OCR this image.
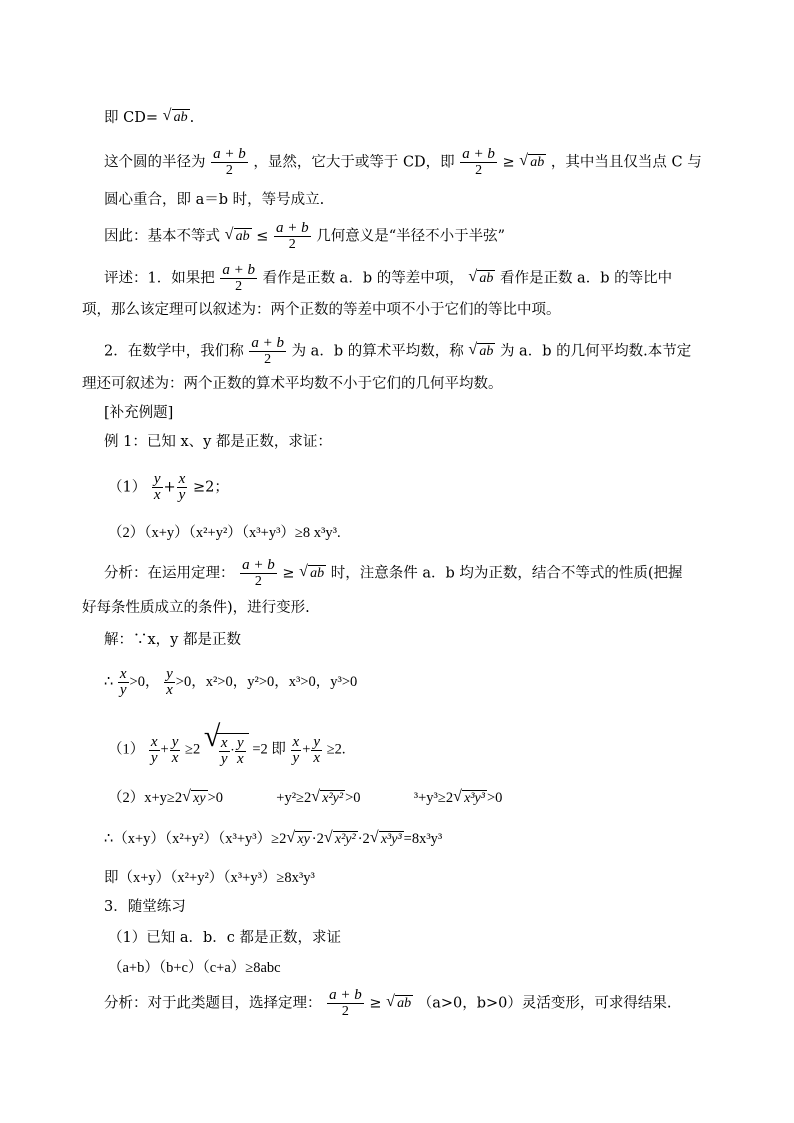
即 CD= √ ab .
这个圆的半径为 $\frac{a + b}{2}$ ，显然，它大于或等于 CD，即 $\frac{a + b}{2}$ ≥ √ ab ，其中当且仅当点 C 与
圆心重合，即 a＝b 时，等号成立.
因此：基本不等式 √ ab ≤ $\frac{a + b}{2}$ 几何意义是“半径不小于半弦”
评述：1．如果把 $\frac{a + b}{2}$ 看作是正数 a．b 的等差中项， √ ab 看作是正数 a．b 的等比中
项，那么该定理可以叙述为：两个正数的等差中项不小于它们的等比中项。
2．在数学中，我们称 $\frac{a + b}{2}$ 为 a．b 的算术平均数，称 √ ab 为 a．b 的几何平均数.本节定
理还可叙述为：两个正数的算术平均数不小于它们的几何平均数。
[补充例题]
例 1：已知 x、y 都是正数，求证：
$(1) \frac{y}{x} + \frac{x}{y} \ge 2$；
（2）（x+y）（x²+y²）（x³+y³）≥8 x³y³.
分析：在运用定理： $\frac{a + b}{2}$ ≥ √ ab 时，注意条件 a．b 均为正数，结合不等式的性质(把握
好每条性质成立的条件)，进行变形.
解：∵x，y 都是正数
∴ $\frac{x}{y} >0$， $\frac{y}{x} >0$，x²>0，y²>0，x³>0，y³>0
$(1) \frac{x}{y} + \frac{y}{x} \ge 2$ √
$\frac{x}{y} \cdot \frac{y}{x} =2$ 即 $\frac{x}{y} + \frac{y}{x} \ge 2$.
（2）x+y≥2 √ xy >0	+y²≥2 √ x²y² >0	³+y³≥2 √ x³y³ >0
∴（x+y）（x²+y²）（x³+y³）≥2 √ xy ·2 √ x²y² ·2 √ x³y³ =8x³y³
即（x+y）（x²+y²）（x³+y³）≥8x³y³
3．随堂练习
（1）已知 a．b．c 都是正数，求证
（a+b）（b+c）（c+a）≥8abc
分析：对于此类题目，选择定理： $\frac{a + b}{2}$ ≥ √ ab （a>0，b>0）灵活变形，可求得结果.
